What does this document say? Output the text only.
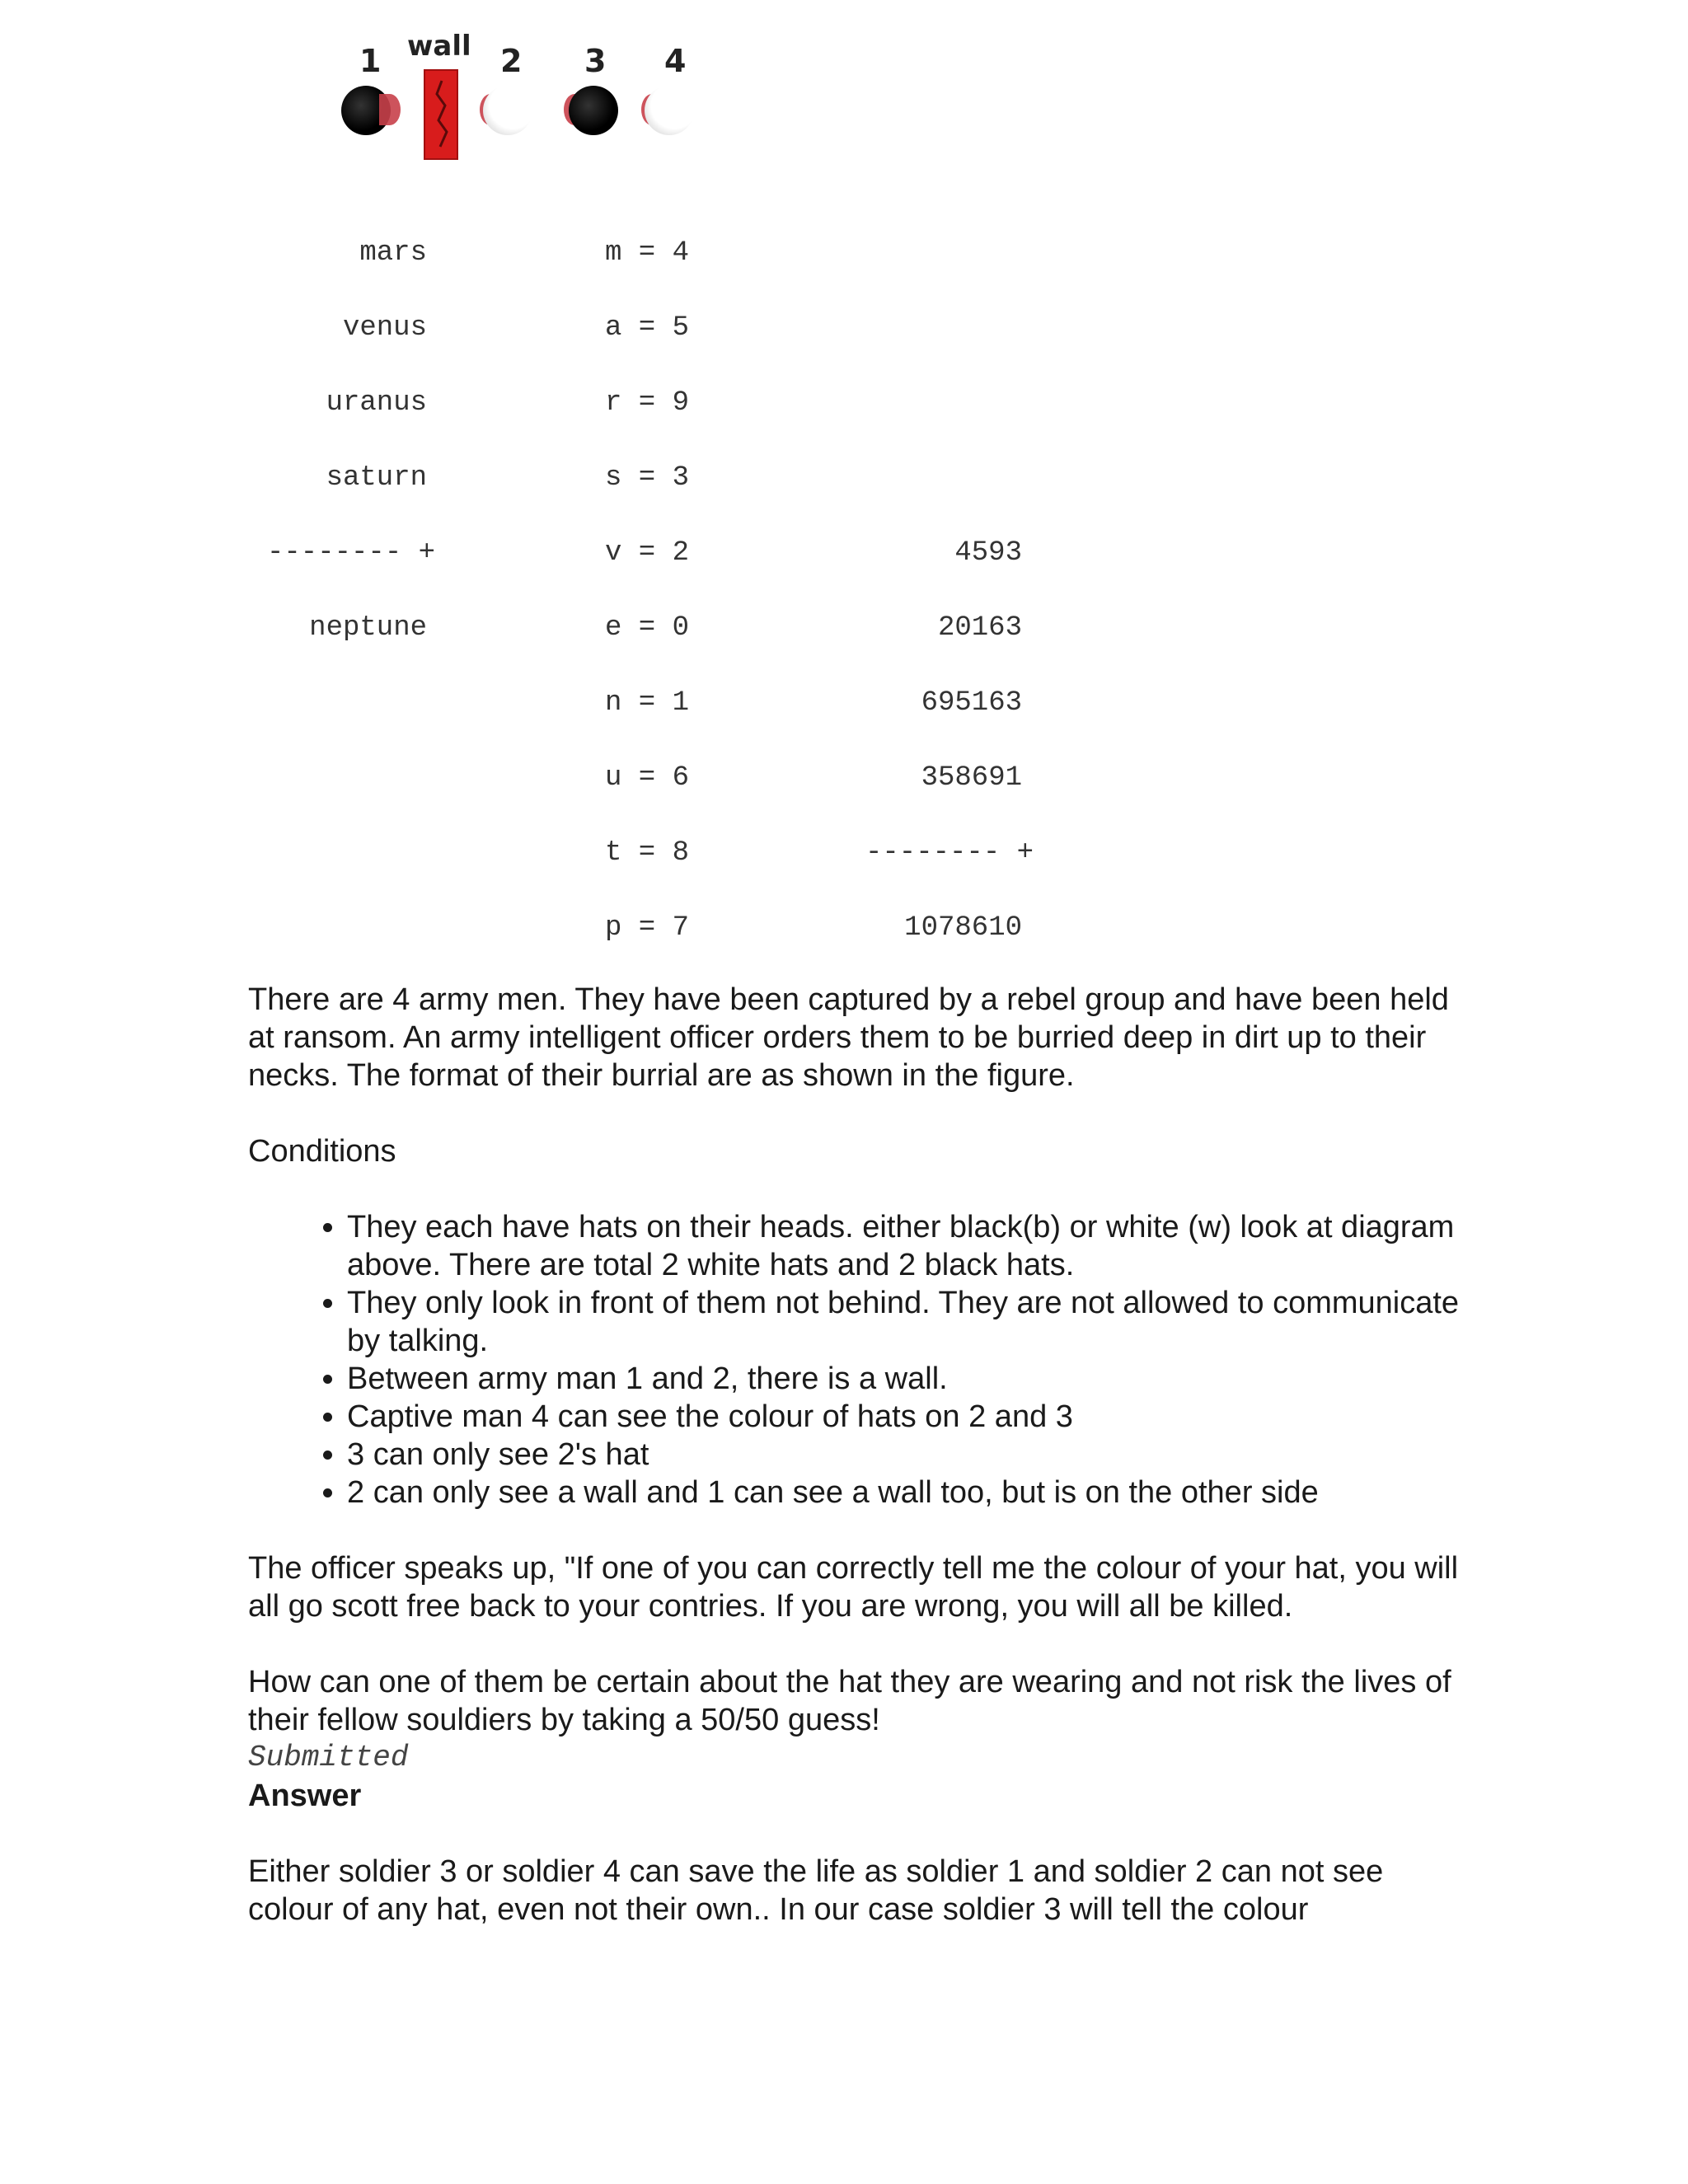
1 wall 2 3 4
mars
venus
uranus
saturn
-------- +
neptune
m = 4
a = 5
r = 9
s = 3
v = 2
e = 0
n = 1
u = 6
t = 8
p = 7
4593
20163
695163
358691
-------- +
1078610

There are 4 army men. They have been captured by a rebel group and have been held at ransom. An army intelligent officer orders them to be burried deep in dirt up to their necks. The format of their burrial are as shown in the figure.

Conditions

• They each have hats on their heads. either black(b) or white (w) look at diagram above. There are total 2 white hats and 2 black hats.
• They only look in front of them not behind. They are not allowed to communicate by talking.
• Between army man 1 and 2, there is a wall.
• Captive man 4 can see the colour of hats on 2 and 3
• 3 can only see 2's hat
• 2 can only see a wall and 1 can see a wall too, but is on the other side

The officer speaks up, "If one of you can correctly tell me the colour of your hat, you will all go scott free back to your contries. If you are wrong, you will all be killed.

How can one of them be certain about the hat they are wearing and not risk the lives of their fellow souldiers by taking a 50/50 guess!

Submitted
Answer

Either soldier 3 or soldier 4 can save the life as soldier 1 and soldier 2 can not see colour of any hat, even not their own.. In our case soldier 3 will tell the colour
